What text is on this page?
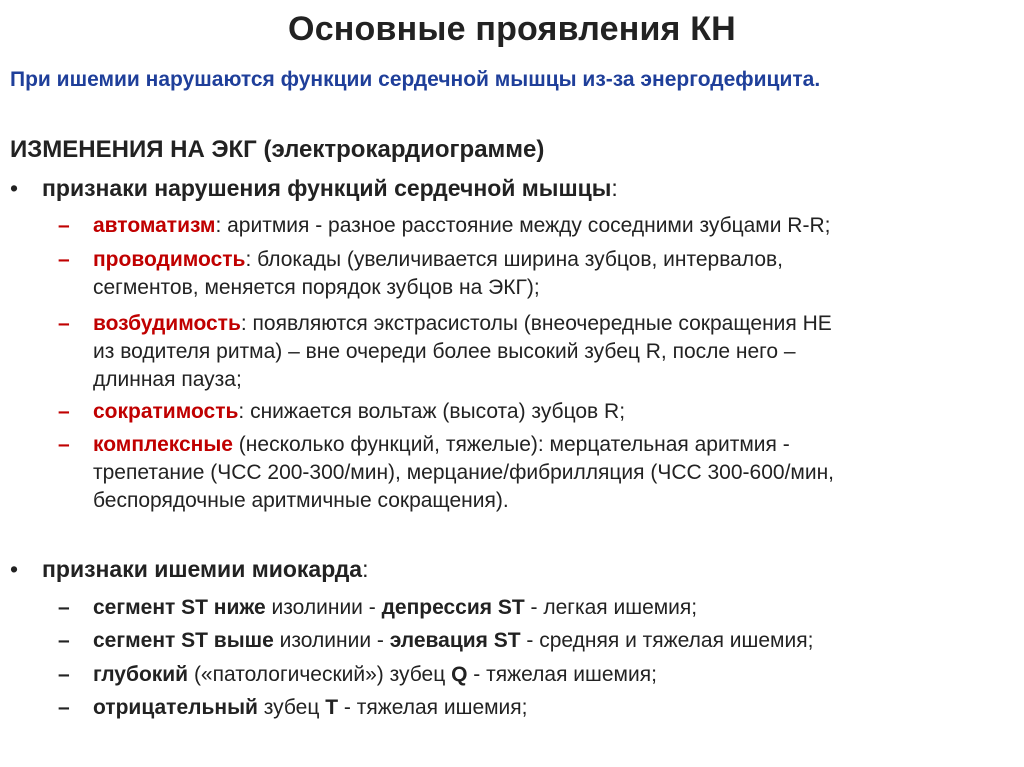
Основные проявления КН
При ишемии нарушаются функции сердечной мышцы из-за энергодефицита.
ИЗМЕНЕНИЯ НА ЭКГ (электрокардиограмме)
•	признаки нарушения функций сердечной мышцы:
–	автоматизм: аритмия - разное расстояние между соседними зубцами R-R;
–	проводимость: блокады (увеличивается ширина зубцов, интервалов,
сегментов, меняется порядок зубцов на ЭКГ);
–	возбудимость: появляются экстрасистолы (внеочередные сокращения НЕ
из водителя ритма) – вне очереди более высокий зубец R, после него –
длинная пауза;
–	сократимость: снижается вольтаж (высота) зубцов R;
–	комплексные (несколько функций, тяжелые): мерцательная аритмия -
трепетание (ЧСС 200-300/мин), мерцание/фибрилляция (ЧСС 300-600/мин,
беспорядочные аритмичные сокращения).
•	признаки ишемии миокарда:
–	сегмент ST ниже изолинии - депрессия ST - легкая ишемия;
–	сегмент ST выше изолинии - элевация ST - средняя и тяжелая ишемия;
–	глубокий («патологический») зубец Q - тяжелая ишемия;
–	отрицательный зубец Т - тяжелая ишемия;
